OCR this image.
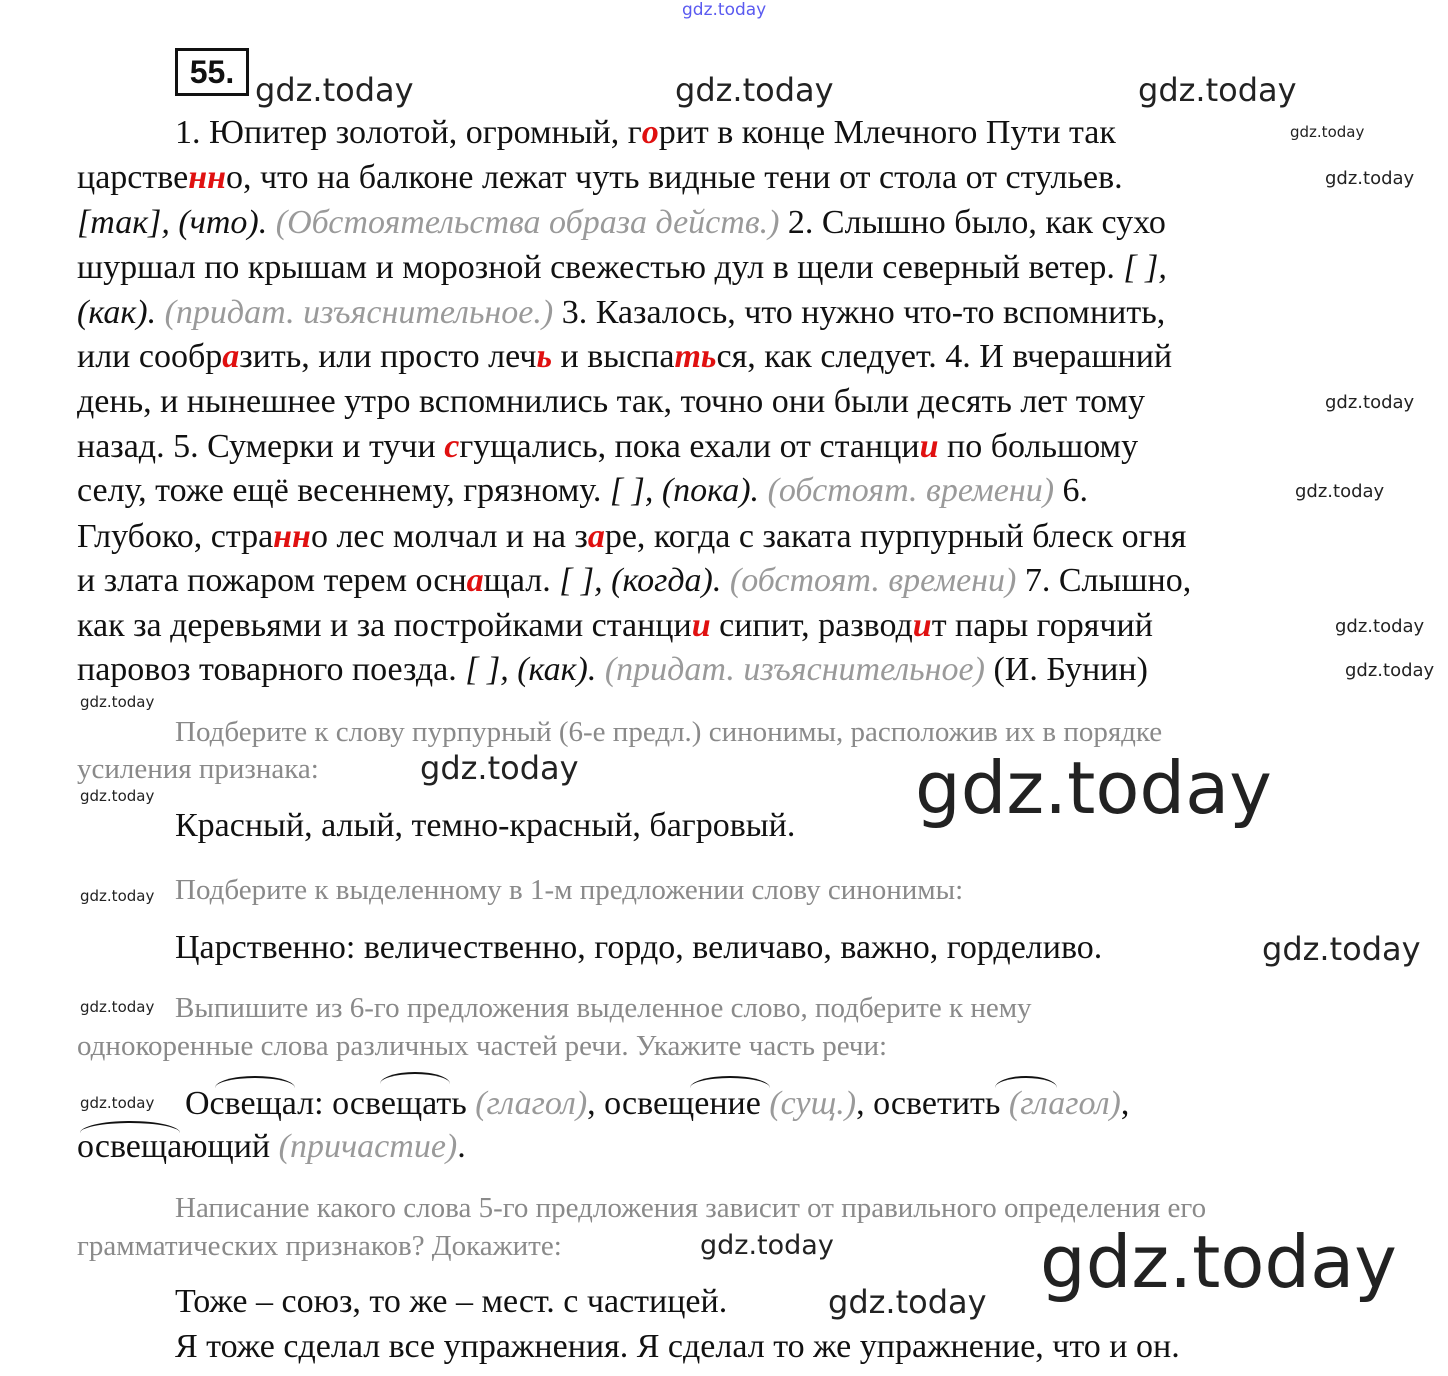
55.
1. Юпитер золотой, огромный, горит в конце Млечного Пути так
царственно, что на балконе лежат чуть видные тени от стола от стульев.
[так], (что). (Обстоятельства образа действ.) 2. Слышно было, как сухо
шуршал по крышам и морозной свежестью дул в щели северный ветер. [ ],
(как). (придат. изъяснительное.) 3. Казалось, что нужно что-то вспомнить,
или сообразить, или просто лечь и выспаться, как следует. 4. И вчерашний
день, и нынешнее утро вспомнились так, точно они были десять лет тому
назад. 5. Сумерки и тучи сгущались, пока ехали от станции по большому
селу, тоже ещё весеннему, грязному. [ ], (пока). (обстоят. времени) 6.
Глубоко, странно лес молчал и на заре, когда с заката пурпурный блеск огня
и злата пожаром терем оснащал. [ ], (когда). (обстоят. времени) 7. Слышно,
как за деревьями и за постройками станции сипит, разводит пары горячий
паровоз товарного поезда. [ ], (как). (придат. изъяснительное) (И. Бунин)
Подберите к слову пурпурный (6-е предл.) синонимы, расположив их в порядке
усиления признака:
Красный, алый, темно-красный, багровый.
Подберите к выделенному в 1-м предложении слову синонимы:
Царственно: величественно, гордо, величаво, важно, горделиво.
Выпишите из 6-го предложения выделенное слово, подберите к нему
однокоренные слова различных частей речи. Укажите часть речи:
Освещал: освещать (глагол), освещение (сущ.), осветить (глагол),
освещающий (причастие).
Написание какого слова 5-го предложения зависит от правильного определения его
грамматических признаков? Докажите:
Тоже – союз, то же – мест. с частицей.
Я тоже сделал все упражнения. Я сделал то же упражнение, что и он.
gdz.today
gdz.today	gdz.today	gdz.today
gdz.today
gdz.today
gdz.today
gdz.today
gdz.today
gdz.today
gdz.today
gdz.today	gdz.today
gdz.today
gdz.today
gdz.today
gdz.today
gdz.today
gdz.today
gdz.today gdz.today
